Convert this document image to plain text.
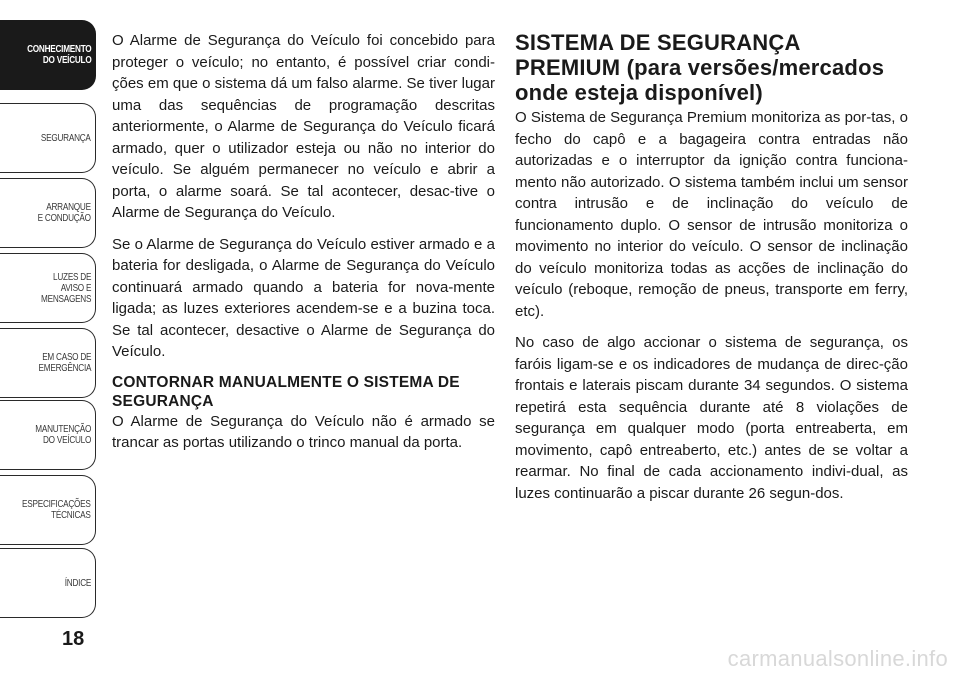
CONHECIMENTO
DO VEÍCULO
SEGURANÇA
ARRANQUE
E CONDUÇÃO
LUZES DE
AVISO E
MENSAGENS
EM CASO DE
EMERGÊNCIA
MANUTENÇÃO
DO VEÍCULO
ESPECIFICAÇÕES
TÉCNICAS
ÍNDICE
18

O Alarme de Segurança do Veículo foi concebido para proteger o veículo; no entanto, é possível criar condi-ções em que o sistema dá um falso alarme. Se tiver lugar uma das sequências de programação descritas anteriormente, o Alarme de Segurança do Veículo ficará armado, quer o utilizador esteja ou não no interior do veículo. Se alguém permanecer no veículo e abrir a porta, o alarme soará. Se tal acontecer, desac-tive o Alarme de Segurança do Veículo.

Se o Alarme de Segurança do Veículo estiver armado e a bateria for desligada, o Alarme de Segurança do Veículo continuará armado quando a bateria for nova-mente ligada; as luzes exteriores acendem-se e a buzina toca. Se tal acontecer, desactive o Alarme de Segurança do Veículo.

CONTORNAR MANUALMENTE O SISTEMA DE SEGURANÇA

O Alarme de Segurança do Veículo não é armado se trancar as portas utilizando o trinco manual da porta.

SISTEMA DE SEGURANÇA PREMIUM (para versões/mercados onde esteja disponível)

O Sistema de Segurança Premium monitoriza as por-tas, o fecho do capô e a bagageira contra entradas não autorizadas e o interruptor da ignição contra funciona-mento não autorizado. O sistema também inclui um sensor contra intrusão e de inclinação do veículo de funcionamento duplo. O sensor de intrusão monitoriza o movimento no interior do veículo. O sensor de inclinação do veículo monitoriza todas as acções de inclinação do veículo (reboque, remoção de pneus, transporte em ferry, etc).

No caso de algo accionar o sistema de segurança, os faróis ligam-se e os indicadores de mudança de direc-ção frontais e laterais piscam durante 34 segundos. O sistema repetirá esta sequência durante até 8 violações de segurança em qualquer modo (porta entreaberta, em movimento, capô entreaberto, etc.) antes de se voltar a rearmar. No final de cada accionamento indivi-dual, as luzes continuarão a piscar durante 26 segun-dos.

carmanualsonline.info
